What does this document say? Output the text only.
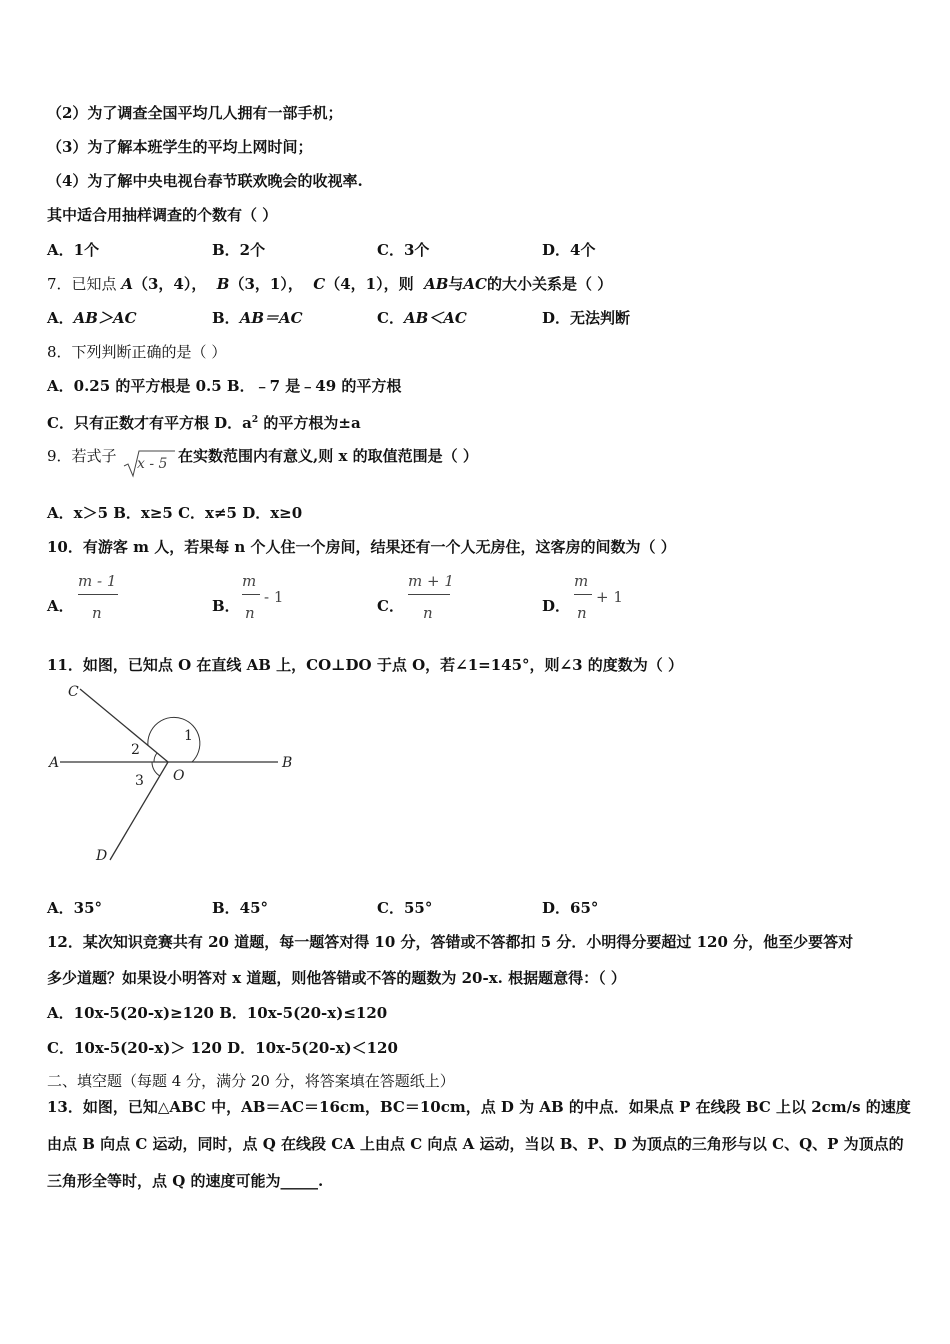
（2）为了调查全国平均几人拥有一部手机；
（3）为了解本班学生的平均上网时间；
（4）为了解中央电视台春节联欢晚会的收视率.
其中适合用抽样调查的个数有（ ）
A．1个	B．2个	C．3个	D．4个
7．已知点 A（3，4）， B（3，1）， C（4，1），则 AB与AC的大小关系是（ ）
A．AB＞AC	B．AB＝AC	C．AB＜AC	D．无法判断
8．下列判断正确的是（ ）
A．0.25 的平方根是 0.5 B．﹣7 是﹣49 的平方根
C．只有正数才有平方根 D．$a^2$ 的平方根为±a
9．若式子 x - 5 在实数范围内有意义,则 x 的取值范围是（ ）
A．x＞5 B．x≥5 C．x≠5 D．x≥0
10．有游客 m 人，若果每 n 个人住一个房间，结果还有一个人无房住，这客房的间数为（ ）
A．
m - 1
n	B．
m
n
- 1	C．
m + 1
n	D．
m
n
+ 1
11．如图，已知点 O 在直线 AB 上，CO⊥DO 于点 O，若∠1=145°，则∠3 的度数为（ ）
C
A	B
D
O
1
2
3
A．35°	B．45°	C．55°	D．65°
12．某次知识竞赛共有 20 道题，每一题答对得 10 分，答错或不答都扣 5 分．小明得分要超过 120 分，他至少要答对
多少道题？如果设小明答对 x 道题，则他答错或不答的题数为 20-x. 根据题意得：（ ）
A．10x-5(20-x)≥120 B．10x-5(20-x)≤120
C．10x-5(20-x)＞ 120 D．10x-5(20-x)＜120
二、填空题（每题 4 分，满分 20 分，将答案填在答题纸上）
13．如图，已知△ABC 中，AB＝AC＝16cm，BC＝10cm，点 D 为 AB 的中点．如果点 P 在线段 BC 上以 2cm/s 的速度
由点 B 向点 C 运动，同时，点 Q 在线段 CA 上由点 C 向点 A 运动，当以 B、P、D 为顶点的三角形与以 C、Q、P 为顶点的
三角形全等时，点 Q 的速度可能为_____.
